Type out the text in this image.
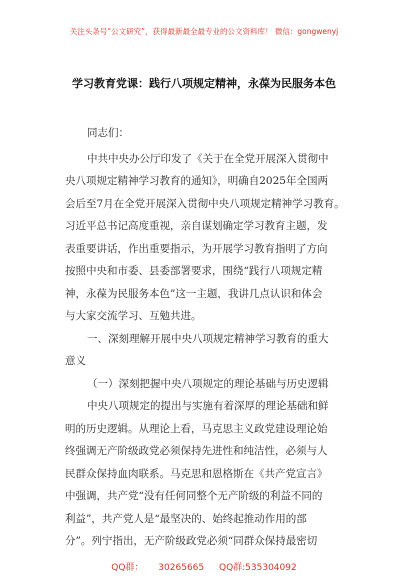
关注头条号“公文研究”，获得最新最全最专业的公文资料库！ 微信：gongwenyj
学习教育党课：践行八项规定精神，永葆为民服务本色

同志们：

中共中央办公厅印发了《关于在全党开展深入贯彻中

央八项规定精神学习教育的通知》，明确自2025年全国两

会后至7月在全党开展深入贯彻中央八项规定精神学习教育。

习近平总书记高度重视，亲自谋划确定学习教育主题，发

表重要讲话，作出重要指示，为开展学习教育指明了方向

按照中央和市委、县委部署要求，围绕“践行八项规定精

神，永葆为民服务本色”这一主题，我讲几点认识和体会

与大家交流学习、互勉共进。

一、深刻理解开展中央八项规定精神学习教育的重大

意义

（一）深刻把握中央八项规定的理论基础与历史逻辑

中央八项规定的提出与实施有着深厚的理论基础和鲜

明的历史逻辑。从理论上看，马克思主义政党建设理论始

终强调无产阶级政党必须保持先进性和纯洁性，必须与人

民群众保持血肉联系。马克思和恩格斯在《共产党宣言》

中强调，共产党“没有任何同整个无产阶级的利益不同的

利益”，共产党人是“最坚决的、始终起推动作用的部

分”。列宁指出，无产阶级政党必须“同群众保持最密切

QQ群： 30265665 QQ群:535304092
